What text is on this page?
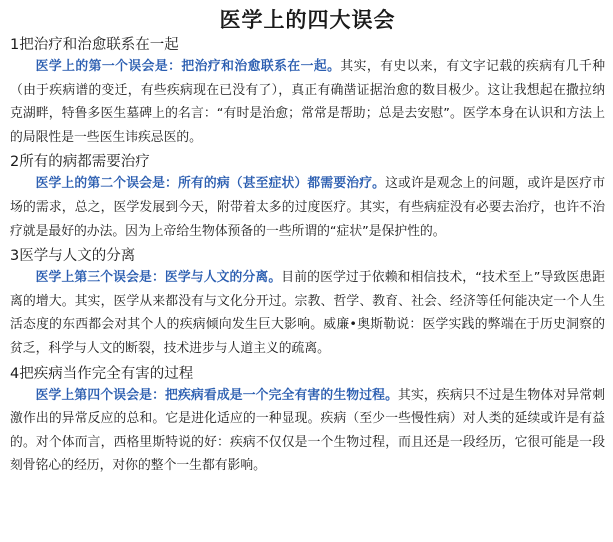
医学上的四大误会
1把治疗和治愈联系在一起

医学上的第一个误会是：把治疗和治愈联系在一起。其实，有史以来，有文字记载的疾病有几千种（由于疾病谱的变迁，有些疾病现在已没有了），真正有确凿证据治愈的数目极少。这让我想起在撒拉纳克湖畔，特鲁多医生墓碑上的名言：“有时是治愈；常常是帮助；总是去安慰”。医学本身在认识和方法上的局限性是一些医生讳疾忌医的。

2所有的病都需要治疗

医学上的第二个误会是：所有的病（甚至症状）都需要治疗。这或许是观念上的问题，或许是医疗市场的需求，总之，医学发展到今天，附带着太多的过度医疗。其实，有些病症没有必要去治疗，也许不治疗就是最好的办法。因为上帝给生物体预备的一些所谓的“症状”是保护性的。

3医学与人文的分离

医学上第三个误会是：医学与人文的分离。目前的医学过于依赖和相信技术，“技术至上”导致医患距离的增大。其实，医学从来都没有与文化分开过。宗教、哲学、教育、社会、经济等任何能决定一个人生活态度的东西都会对其个人的疾病倾向发生巨大影响。威廉•奥斯勒说：医学实践的弊端在于历史洞察的贫乏，科学与人文的断裂，技术进步与人道主义的疏离。

4把疾病当作完全有害的过程

医学上第四个误会是：把疾病看成是一个完全有害的生物过程。其实，疾病只不过是生物体对异常刺激作出的异常反应的总和。它是进化适应的一种显现。疾病（至少一些慢性病）对人类的延续或许是有益的。对个体而言，西格里斯特说的好：疾病不仅仅是一个生物过程，而且还是一段经历，它很可能是一段刻骨铭心的经历，对你的整个一生都有影响。
